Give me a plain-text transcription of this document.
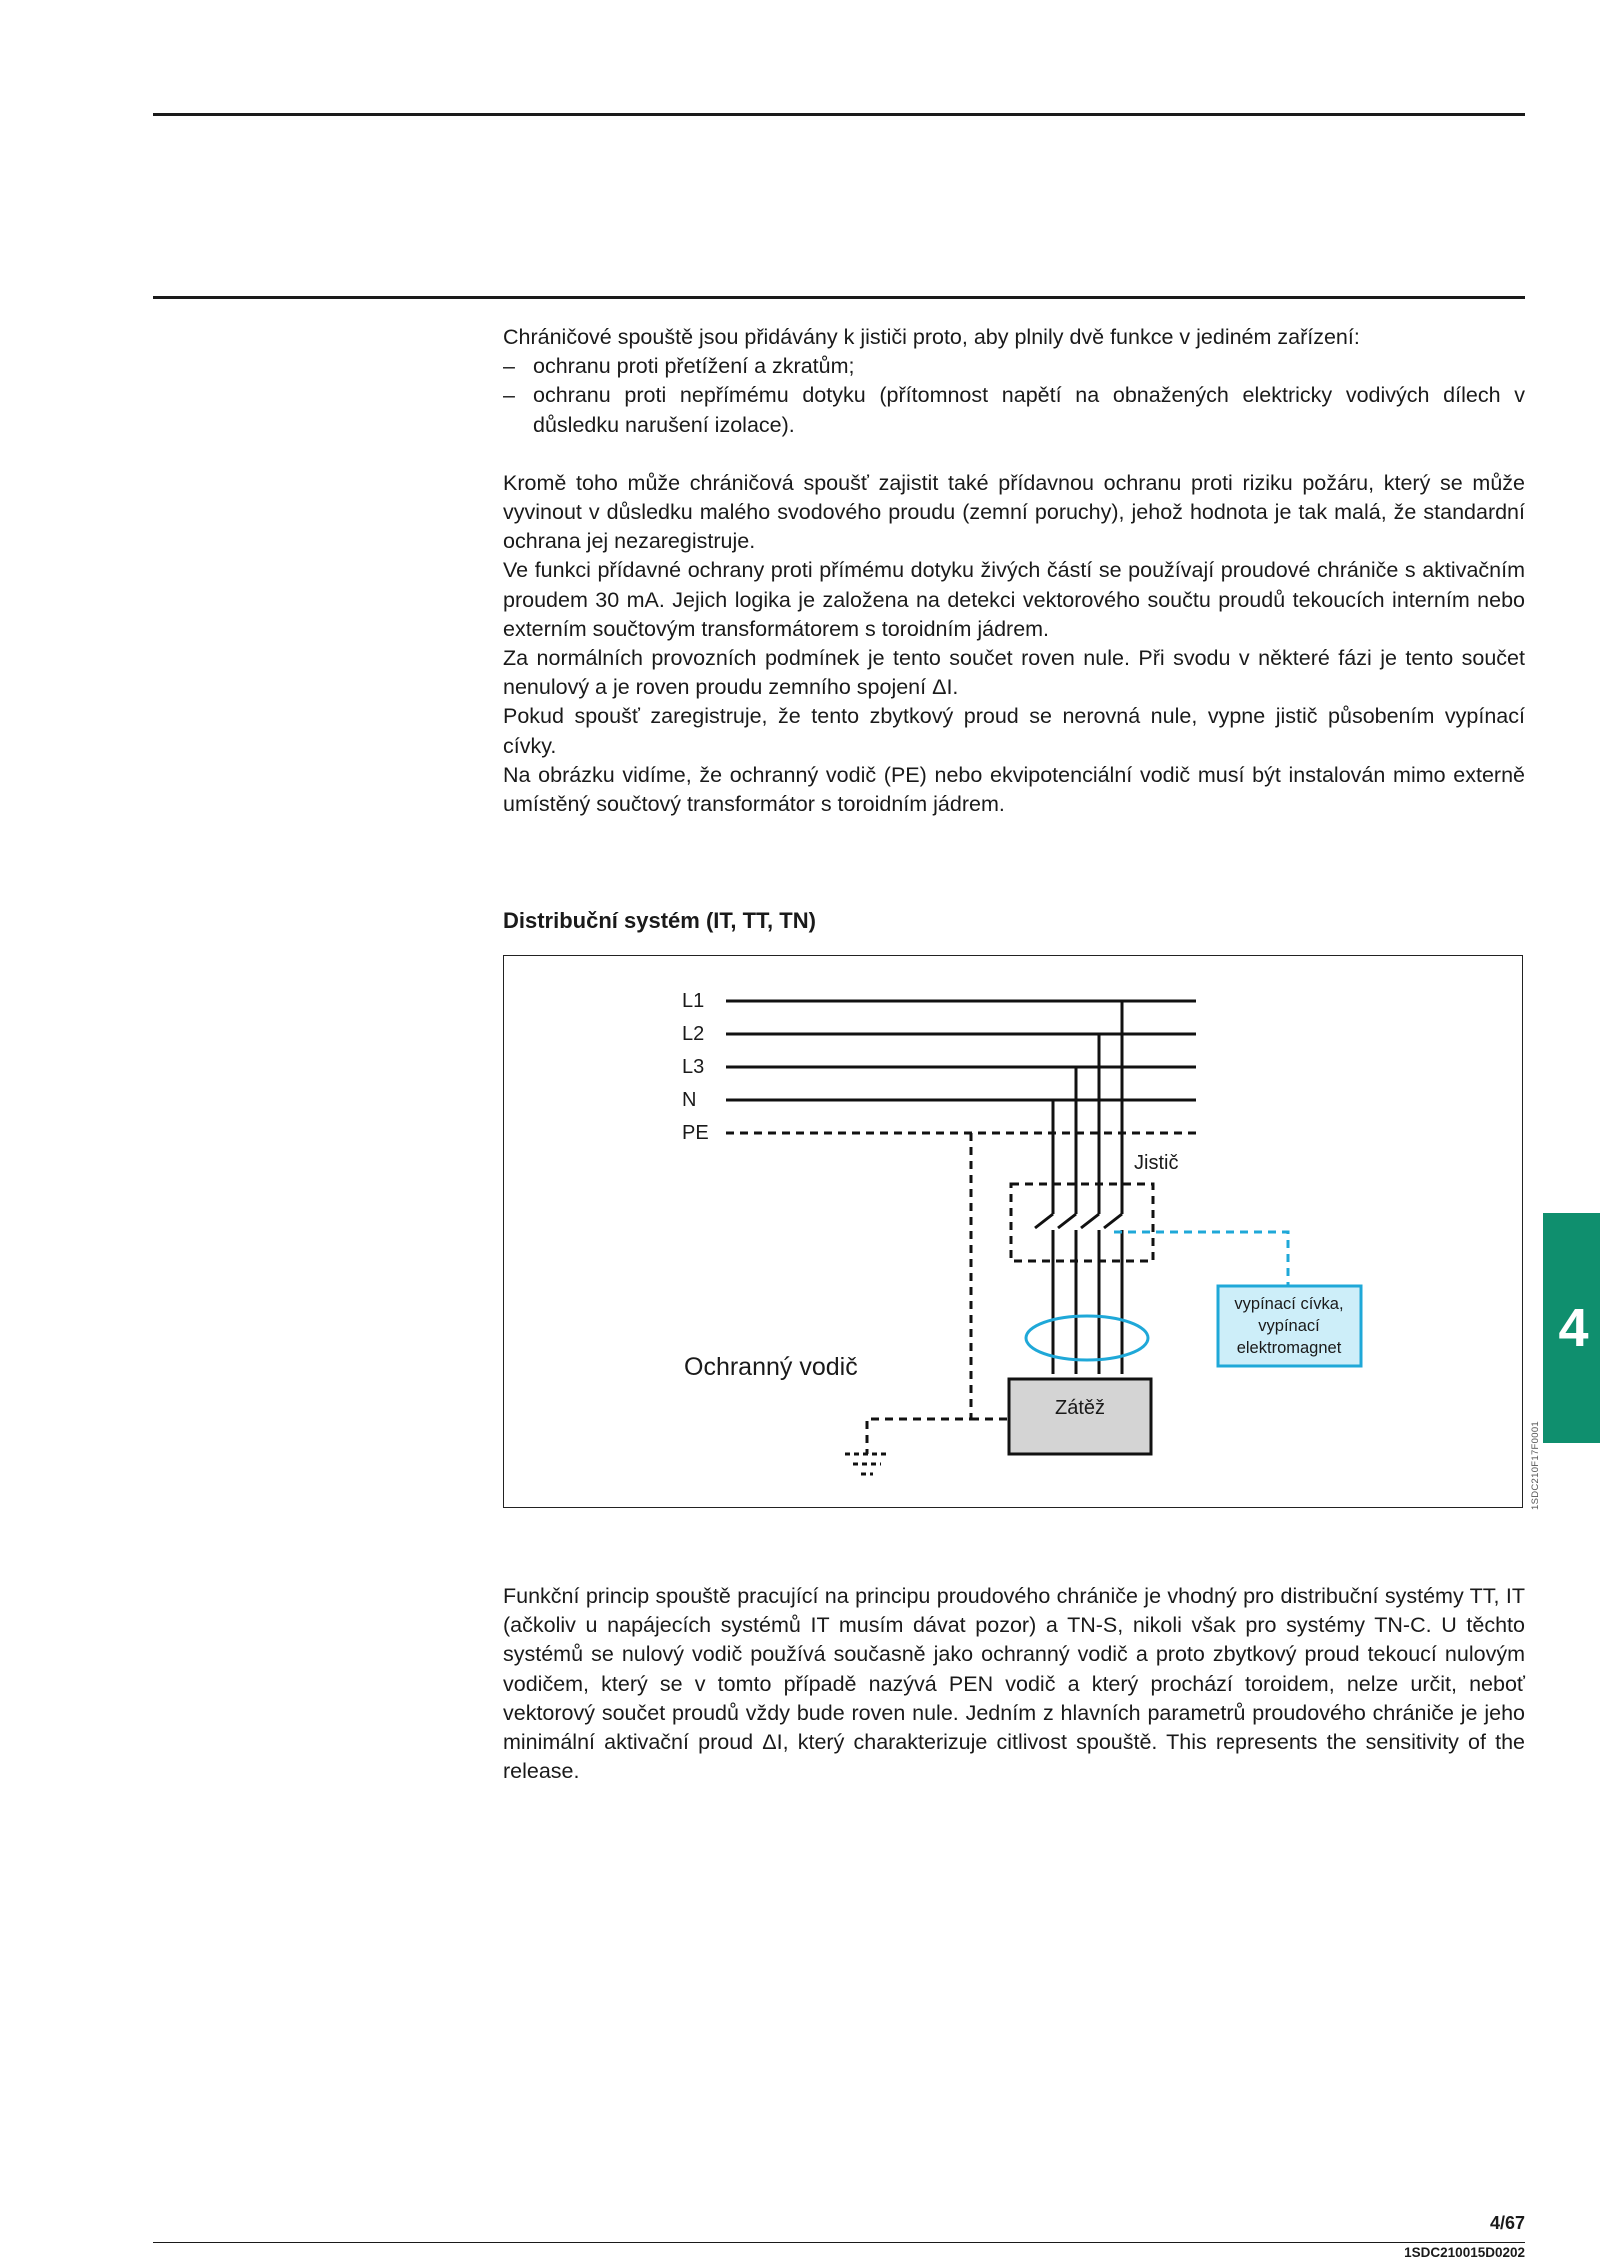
Chráničové spouště jsou přidávány k jističi proto, aby plnily dvě funkce v jediném zařízení:

– ochranu proti přetížení a zkratům;
– ochranu proti nepřímému dotyku (přítomnost napětí na obnažených elektricky vodivých dílech v důsledku narušení izolace).

Kromě toho může chráničová spoušť zajistit také přídavnou ochranu proti riziku požáru, který se může vyvinout v důsledku malého svodového proudu (zemní poruchy), jehož hodnota je tak malá, že standardní ochrana jej nezaregistruje.

Ve funkci přídavné ochrany proti přímému dotyku živých částí se používají proudové chrániče s aktivačním proudem 30 mA. Jejich logika je založena na detekci vektorového součtu proudů tekoucích interním nebo externím součtovým transformátorem s toroidním jádrem.

Za normálních provozních podmínek je tento součet roven nule. Při svodu v některé fázi je tento součet nenulový a je roven proudu zemního spojení ΔI.

Pokud spoušť zaregistruje, že tento zbytkový proud se nerovná nule, vypne jistič působením vypínací cívky.

Na obrázku vidíme, že ochranný vodič (PE) nebo ekvipotenciální vodič musí být instalován mimo externě umístěný součtový transformátor s toroidním jádrem.

Distribuční systém (IT, TT, TN)
L1
L2
L3
N
PE
Jistič
vypínací cívka,
vypínací
elektromagnet
Ochranný vodič
Zátěž
1SDC210F17F0001

Funkční princip spouště pracující na principu proudového chrániče je vhodný pro distribuční systémy TT, IT (ačkoliv u napájecích systémů IT musím dávat pozor) a TN-S, nikoli však pro systémy TN-C. U těchto systémů se nulový vodič používá současně jako ochranný vodič a proto zbytkový proud tekoucí nulovým vodičem, který se v tomto případě nazývá PEN vodič a který prochází toroidem, nelze určit, neboť vektorový součet proudů vždy bude roven nule. Jedním z hlavních parametrů proudového chrániče je jeho minimální aktivační proud ΔI, který charakterizuje citlivost spouště. This represents the sensitivity of the release.

4
4/67
1SDC210015D0202
